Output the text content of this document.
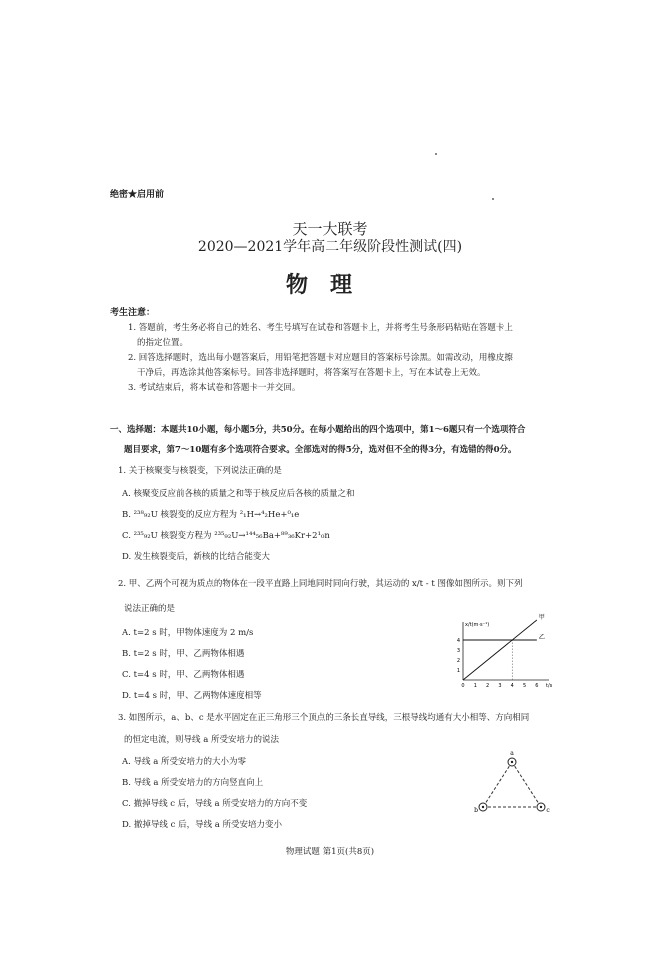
绝密★启用前
天一大联考
2020—2021学年高二年级阶段性测试(四)
物理
考生注意：
1. 答题前，考生务必将自己的姓名、考生号填写在试卷和答题卡上，并将考生号条形码粘贴在答题卡上
的指定位置。
2. 回答选择题时，选出每小题答案后，用铅笔把答题卡对应题目的答案标号涂黑。如需改动，用橡皮擦
干净后，再选涂其他答案标号。回答非选择题时，将答案写在答题卡上，写在本试卷上无效。
3. 考试结束后，将本试卷和答题卡一并交回。
一、选择题：本题共10小题，每小题5分，共50分。在每小题给出的四个选项中，第1～6题只有一个选项符合
题目要求，第7～10题有多个选项符合要求。全部选对的得5分，选对但不全的得3分，有选错的得0分。
1. 关于核聚变与核裂变，下列说法正确的是
A. 核聚变反应前各核的质量之和等于核反应后各核的质量之和
B. ²³⁸₉₂U 核裂变的反应方程为 ²₁H→⁴₂He+⁰₁e
C. ²³⁵₉₂U 核裂变方程为 ²³⁵₉₂U→¹⁴⁴₅₆Ba+⁸⁹₃₆Kr+2¹₀n
D. 发生核裂变后，新核的比结合能变大
2. 甲、乙两个可视为质点的物体在一段平直路上同地同时同向行驶，其运动的 x/t - t 图像如图所示。则下列
说法正确的是
A. t=2 s 时，甲物体速度为 2 m/s
B. t=2 s 时，甲、乙两物体相遇
C. t=4 s 时，甲、乙两物体相遇
D. t=4 s 时，甲、乙两物体速度相等
0 1 2 3 4 5 6
1
2
3
4
x/t(m·s⁻¹)
t/s
甲
乙
3. 如图所示，a、b、c 是水平固定在正三角形三个顶点的三条长直导线，三根导线均通有大小相等、方向相同
的恒定电流，则导线 a 所受安培力的说法
A. 导线 a 所受安培力的大小为零
B. 导线 a 所受安培力的方向竖直向上
C. 撤掉导线 c 后，导线 a 所受安培力的方向不变
D. 撤掉导线 c 后，导线 a 所受安培力变小
a
b	c
物理试题 第1页(共8页)
